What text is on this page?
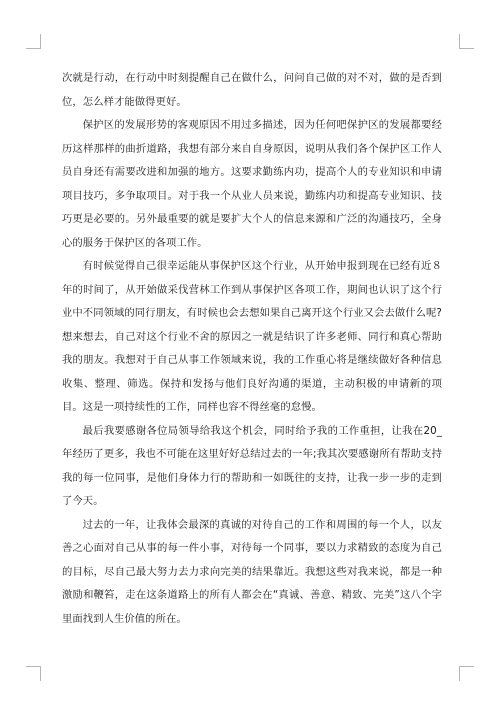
次就是行动，在行动中时刻提醒自己在做什么，问问自己做的对不对，做的是否到位，怎么样才能做得更好。

保护区的发展形势的客观原因不用过多描述，因为任何吧保护区的发展都要经历这样那样的曲折道路，我想有部分来自自身原因，说明从我们各个保护区工作人员自身还有需要改进和加强的地方。这要求勤练内功，提高个人的专业知识和申请项目技巧，多争取项目。对于我一个从业人员来说，勤练内功和提高专业知识、技巧更是必要的。另外最重要的就是要扩大个人的信息来源和广泛的沟通技巧，全身心的服务于保护区的各项工作。

有时候觉得自己很幸运能从事保护区这个行业，从开始申报到现在已经有近８年的时间了，从开始做采伐营林工作到从事保护区各项工作，期间也认识了这个行业中不同领域的同行朋友，有时候也会去想如果自己离开这个行业又会去做什么呢?想来想去，自己对这个行业不舍的原因之一就是结识了许多老师、同行和真心帮助我的朋友。我想对于自己从事工作领域来说，我的工作重心将是继续做好各种信息收集、整理、筛选。保持和发扬与他们良好沟通的渠道，主动积极的申请新的项目。这是一项持续性的工作，同样也容不得丝毫的怠慢。

最后我要感谢各位局领导给我这个机会，同时给予我的工作重担，让我在20_年经历了更多，我也不可能在这里好好总结过去的一年;我其次要感谢所有帮助支持我的每一位同事，是他们身体力行的帮助和一如既往的支持，让我一步一步的走到了今天。

过去的一年，让我体会最深的真诚的对待自己的工作和周围的每一个人，以友善之心面对自己从事的每一件小事，对待每一个同事，要以力求精致的态度为自己的目标，尽自己最大努力去力求向完美的结果靠近。我想这些对我来说，都是一种激励和鞭笞，走在这条道路上的所有人都会在“真诚、善意、精致、完美”这八个字里面找到人生价值的所在。
